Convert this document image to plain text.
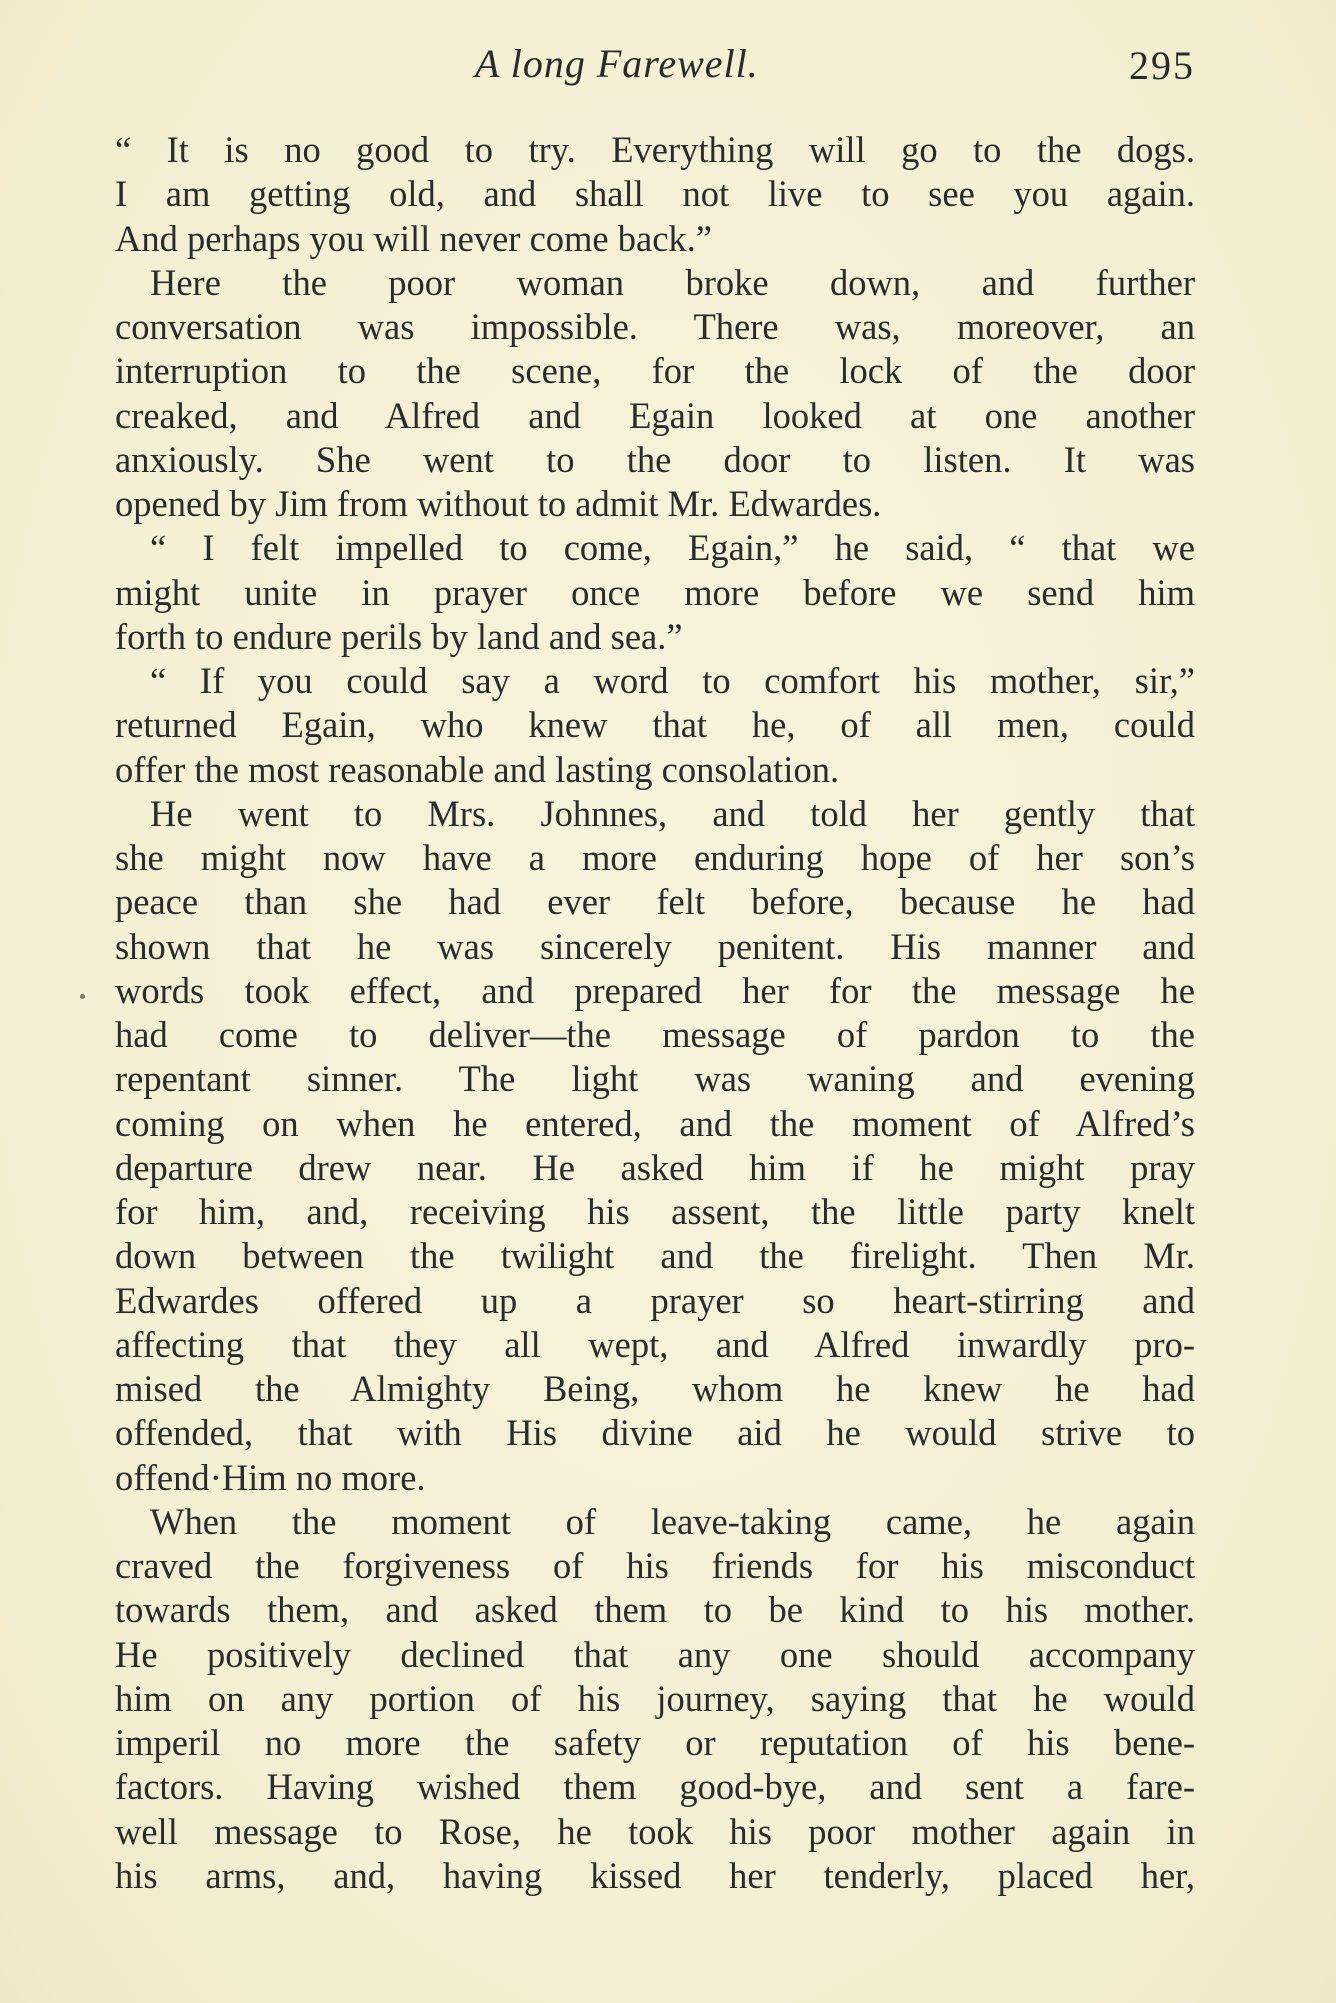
A long Farewell.	295
“ It is no good to try. Everything will go to the dogs.
I am getting old, and shall not live to see you again.
And perhaps you will never come back.”
Here the poor woman broke down, and further
conversation was impossible. There was, moreover, an
interruption to the scene, for the lock of the door
creaked, and Alfred and Egain looked at one another
anxiously. She went to the door to listen. It was
opened by Jim from without to admit Mr. Edwardes.
“ I felt impelled to come, Egain,” he said, “ that we
might unite in prayer once more before we send him
forth to endure perils by land and sea.”
“ If you could say a word to comfort his mother, sir,”
returned Egain, who knew that he, of all men, could
offer the most reasonable and lasting consolation.
He went to Mrs. Johnnes, and told her gently that
she might now have a more enduring hope of her son’s
peace than she had ever felt before, because he had
shown that he was sincerely penitent. His manner and
words took effect, and prepared her for the message he
had come to deliver—the message of pardon to the
repentant sinner. The light was waning and evening
coming on when he entered, and the moment of Alfred’s
departure drew near. He asked him if he might pray
for him, and, receiving his assent, the little party knelt
down between the twilight and the firelight. Then Mr.
Edwardes offered up a prayer so heart-stirring and
affecting that they all wept, and Alfred inwardly pro-
mised the Almighty Being, whom he knew he had
offended, that with His divine aid he would strive to
offend·Him no more.
When the moment of leave-taking came, he again
craved the forgiveness of his friends for his misconduct
towards them, and asked them to be kind to his mother.
He positively declined that any one should accompany
him on any portion of his journey, saying that he would
imperil no more the safety or reputation of his bene-
factors. Having wished them good-bye, and sent a fare-
well message to Rose, he took his poor mother again in
his arms, and, having kissed her tenderly, placed her,
